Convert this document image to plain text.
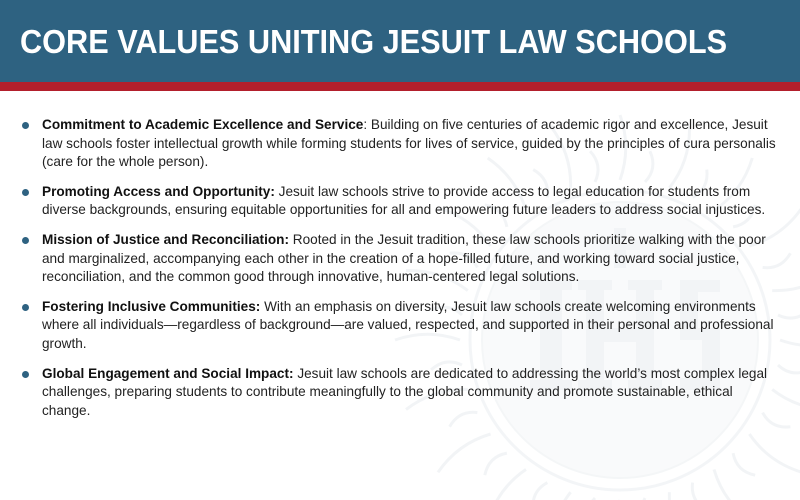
CORE VALUES UNITING JESUIT LAW SCHOOLS
Commitment to Academic Excellence and Service: Building on five centuries of academic rigor and excellence, Jesuit law schools foster intellectual growth while forming students for lives of service, guided by the principles of cura personalis (care for the whole person).
Promoting Access and Opportunity: Jesuit law schools strive to provide access to legal education for students from diverse backgrounds, ensuring equitable opportunities for all and empowering future leaders to address social injustices.
Mission of Justice and Reconciliation: Rooted in the Jesuit tradition, these law schools prioritize walking with the poor and marginalized, accompanying each other in the creation of a hope-filled future, and working toward social justice, reconciliation, and the common good through innovative, human-centered legal solutions.
Fostering Inclusive Communities: With an emphasis on diversity, Jesuit law schools create welcoming environments where all individuals—regardless of background—are valued, respected, and supported in their personal and professional growth.
Global Engagement and Social Impact: Jesuit law schools are dedicated to addressing the world’s most complex legal challenges, preparing students to contribute meaningfully to the global community and promote sustainable, ethical change.
